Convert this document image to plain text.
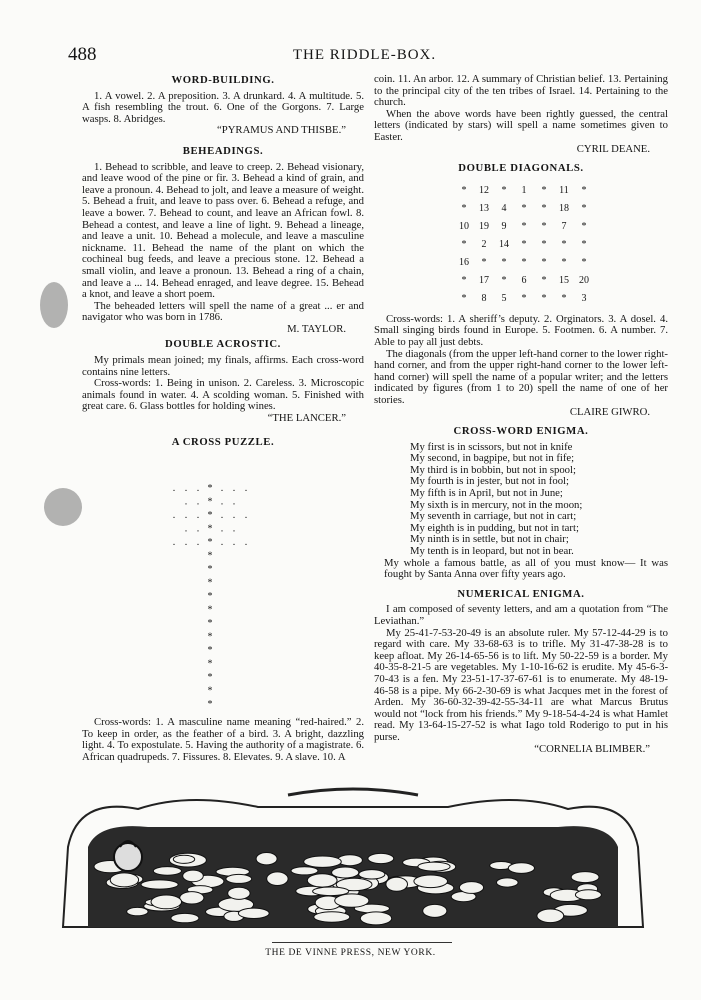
488	THE RIDDLE-BOX.
WORD-BUILDING.

1. A vowel. 2. A preposition. 3. A drunkard. 4. A multitude. 5. A fish resembling the trout. 6. One of the Gorgons. 7. Large wasps. 8. Abridges.

“PYRAMUS AND THISBE.”

BEHEADINGS.

1. Behead to scribble, and leave to creep. 2. Behead visionary, and leave wood of the pine or fir. 3. Behead a kind of grain, and leave a pronoun. 4. Behead to jolt, and leave a measure of weight. 5. Behead a fruit, and leave to pass over. 6. Behead a refuge, and leave a bower. 7. Behead to count, and leave an African fowl. 8. Behead a contest, and leave a line of light. 9. Behead a lineage, and leave a unit. 10. Behead a molecule, and leave a masculine nickname. 11. Behead the name of the plant on which the cochineal bug feeds, and leave a precious stone. 12. Behead a small violin, and leave a pronoun. 13. Behead a ring of a chain, and leave a ... 14. Behead enraged, and leave degree. 15. Behead a knot, and leave a short poem.

The beheaded letters will spell the name of a great ... er and navigator who was born in 1786.

M. TAYLOR.

DOUBLE ACROSTIC.

My primals mean joined; my finals, affirms. Each cross-word contains nine letters.

Cross-words: 1. Being in unison. 2. Careless. 3. Microscopic animals found in water. 4. A scolding woman. 5. Finished with great care. 6. Glass bottles for holding wines.

“THE LANCER.”

A CROSS PUZZLE.
. . . * . . .
. . * . .
. . . * . . .
. . * . .
. . . * . . .
*
*
*
*
*
*
*
*
*
*
*
*

Cross-words: 1. A masculine name meaning “red-haired.” 2. To keep in order, as the feather of a bird. 3. A bright, dazzling light. 4. To expostulate. 5. Having the authority of a magistrate. 6. African quadrupeds. 7. Fissures. 8. Elevates. 9. A slave. 10. A

coin. 11. An arbor. 12. A summary of Christian belief. 13. Pertaining to the principal city of the ten tribes of Israel. 14. Pertaining to the church.

When the above words have been rightly guessed, the central letters (indicated by stars) will spell a name sometimes given to Easter.

CYRIL DEANE.

DOUBLE DIAGONALS.
* 12 * 1 * 11 *
* 13 4 * * 18 *
10 19 9 * * 7 *
* 2 14 * * * *
16 * * * * * *
* 17 * 6 * 15 20
* 8 5 * * * 3

Cross-words: 1. A sheriff’s deputy. 2. Orginators. 3. A dosel. 4. Small singing birds found in Europe. 5. Footmen. 6. A number. 7. Able to pay all just debts.

The diagonals (from the upper left-hand corner to the lower right-hand corner, and from the upper right-hand corner to the lower left-hand corner) will spell the name of a popular writer; and the letters indicated by figures (from 1 to 20) spell the name of one of her stories.

CLAIRE GIWRO.

CROSS-WORD ENIGMA.
My first is in scissors, but not in knife
My second, in bagpipe, but not in fife;
My third is in bobbin, but not in spool;
My fourth is in jester, but not in fool;
My fifth is in April, but not in June;
My sixth is in mercury, not in the moon;
My seventh in carriage, but not in cart;
My eighth is in pudding, but not in tart;
My ninth is in settle, but not in chair;
My tenth is in leopard, but not in bear.

My whole a famous battle, as all of you must know— It was fought by Santa Anna over fifty years ago.

NUMERICAL ENIGMA.

I am composed of seventy letters, and am a quotation from “The Leviathan.”

My 25-41-7-53-20-49 is an absolute ruler. My 57-12-44-29 is to regard with care. My 33-68-63 is to trifle. My 31-47-38-28 is to keep afloat. My 26-14-65-56 is to lift. My 50-22-59 is a border. My 40-35-8-21-5 are vegetables. My 1-10-16-62 is erudite. My 45-6-3-70-43 is a fen. My 23-51-17-37-67-61 is to enumerate. My 48-19-46-58 is a pipe. My 66-2-30-69 is what Jacques met in the forest of Arden. My 36-60-32-39-42-55-34-11 are what Marcus Brutus would not “lock from his friends.” My 9-18-54-4-24 is what Hamlet read. My 13-64-15-27-52 is what Iago told Roderigo to put in his purse.

“CORNELIA BLIMBER.”

THE DE VINNE PRESS, NEW YORK.
